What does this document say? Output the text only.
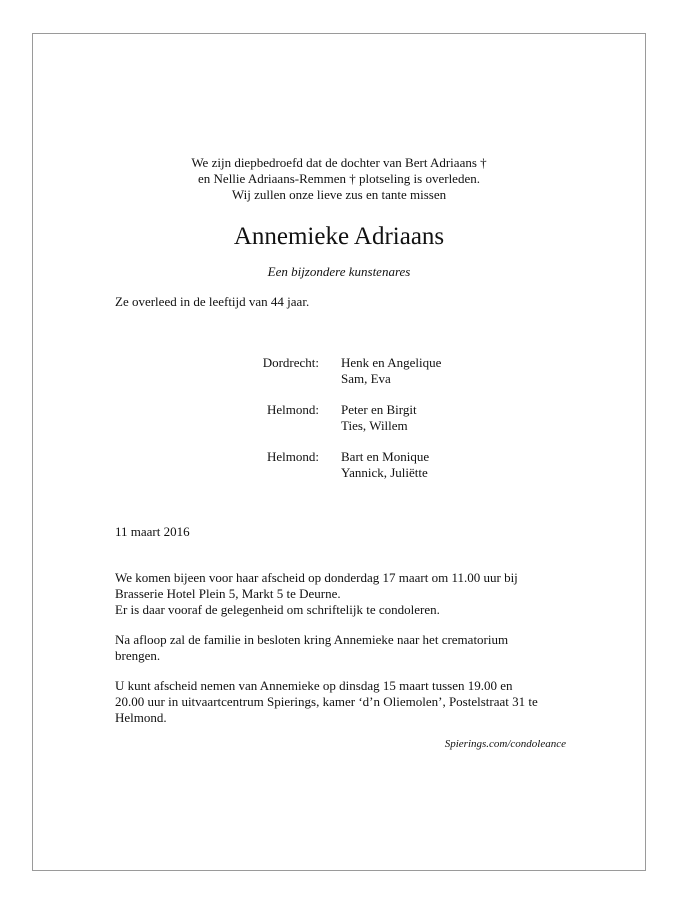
We zijn diepbedroefd dat de dochter van Bert Adriaans †
en Nellie Adriaans-Remmen † plotseling is overleden.
Wij zullen onze lieve zus en tante missen
Annemieke Adriaans
Een bijzondere kunstenares
Ze overleed in de leeftijd van 44 jaar.
Dordrecht: Henk en Angelique
Sam, Eva
Helmond: Peter en Birgit
Ties, Willem
Helmond: Bart en Monique
Yannick, Juliëtte
11 maart 2016

We komen bijeen voor haar afscheid op donderdag 17 maart om 11.00 uur bij
Brasserie Hotel Plein 5, Markt 5 te Deurne.
Er is daar vooraf de gelegenheid om schriftelijk te condoleren.

Na afloop zal de familie in besloten kring Annemieke naar het crematorium
brengen.

U kunt afscheid nemen van Annemieke op dinsdag 15 maart tussen 19.00 en
20.00 uur in uitvaartcentrum Spierings, kamer ‘d’n Oliemolen’, Postelstraat 31 te
Helmond.

Spierings.com/condoleance
